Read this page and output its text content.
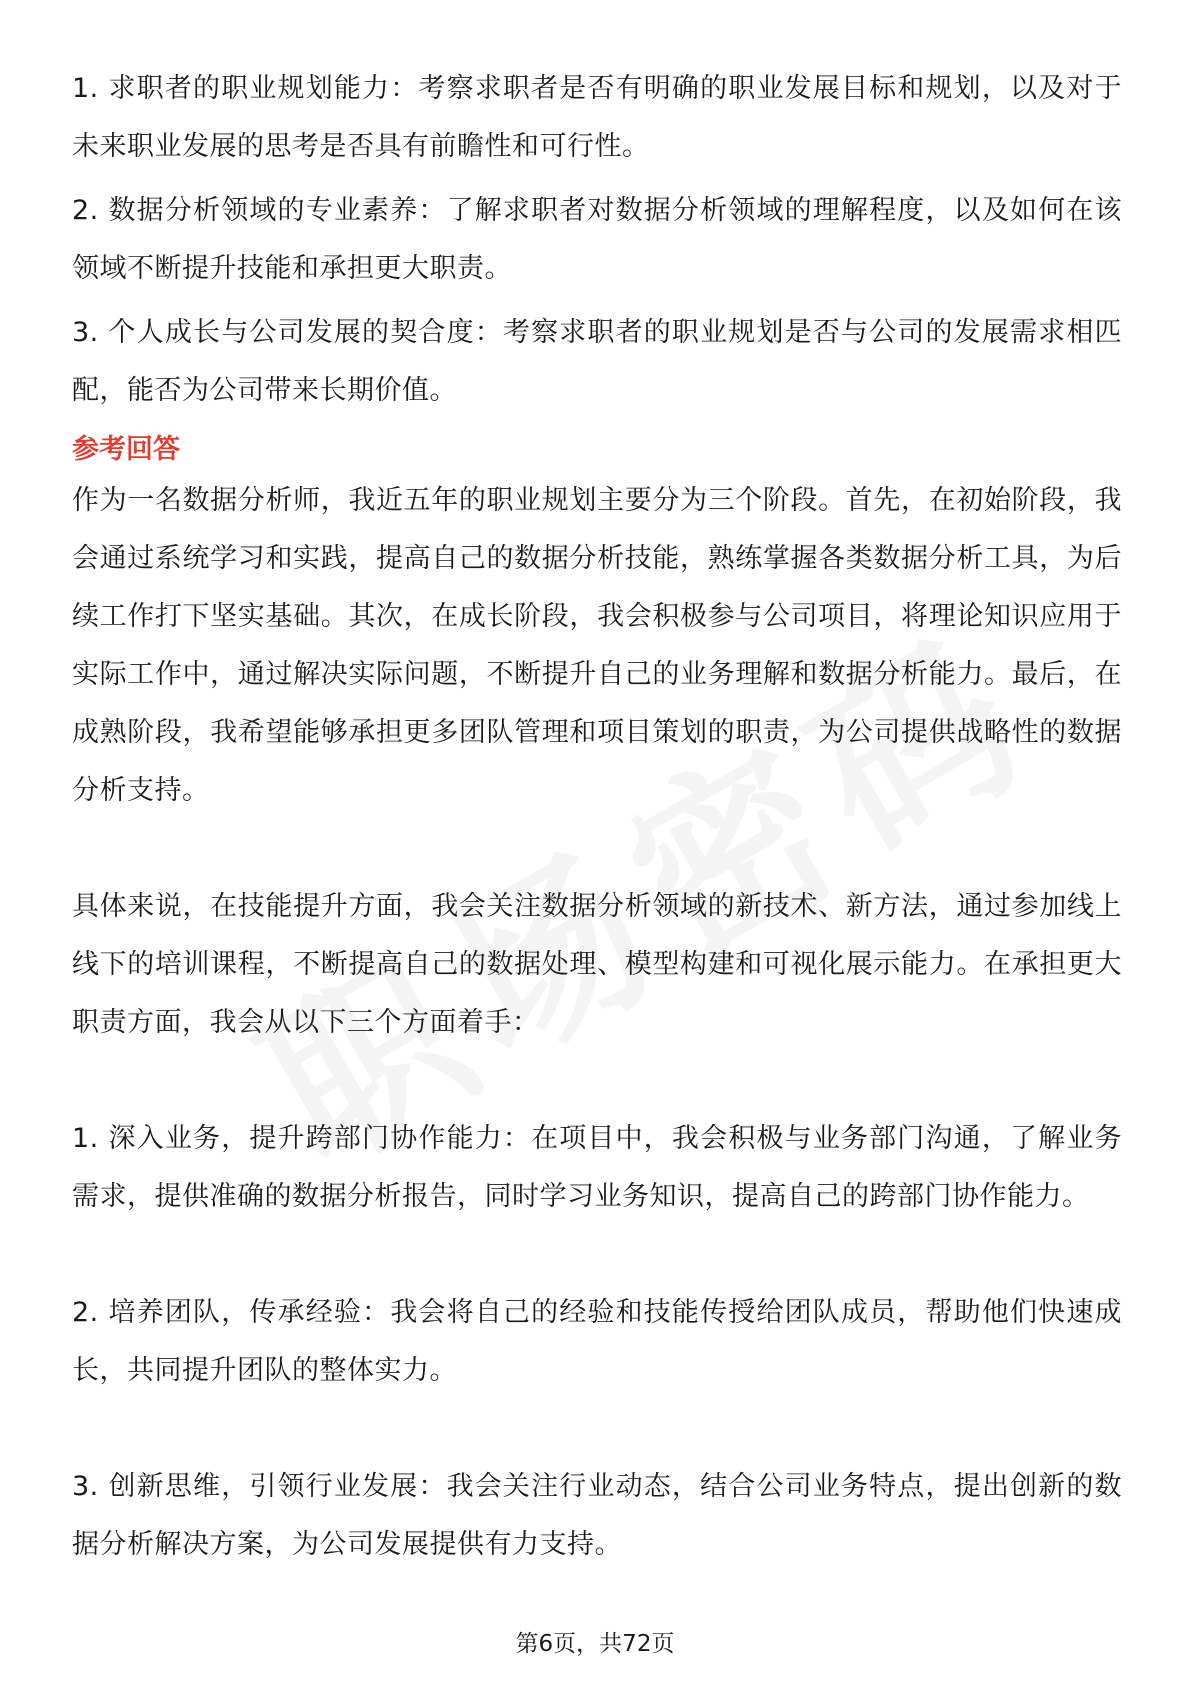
1. 求职者的职业规划能力：考察求职者是否有明确的职业发展目标和规划，以及对于未来职业发展的思考是否具有前瞻性和可行性。

2. 数据分析领域的专业素养：了解求职者对数据分析领域的理解程度，以及如何在该领域不断提升技能和承担更大职责。

3. 个人成长与公司发展的契合度：考察求职者的职业规划是否与公司的发展需求相匹配，能否为公司带来长期价值。

参考回答

作为一名数据分析师，我近五年的职业规划主要分为三个阶段。首先，在初始阶段，我会通过系统学习和实践，提高自己的数据分析技能，熟练掌握各类数据分析工具，为后续工作打下坚实基础。其次，在成长阶段，我会积极参与公司项目，将理论知识应用于实际工作中，通过解决实际问题，不断提升自己的业务理解和数据分析能力。最后，在成熟阶段，我希望能够承担更多团队管理和项目策划的职责，为公司提供战略性的数据分析支持。

具体来说，在技能提升方面，我会关注数据分析领域的新技术、新方法，通过参加线上线下的培训课程，不断提高自己的数据处理、模型构建和可视化展示能力。在承担更大职责方面，我会从以下三个方面着手：

1. 深入业务，提升跨部门协作能力：在项目中，我会积极与业务部门沟通，了解业务需求，提供准确的数据分析报告，同时学习业务知识，提高自己的跨部门协作能力。

2. 培养团队，传承经验：我会将自己的经验和技能传授给团队成员，帮助他们快速成长，共同提升团队的整体实力。

3. 创新思维，引领行业发展：我会关注行业动态，结合公司业务特点，提出创新的数据分析解决方案，为公司发展提供有力支持。

第6页，共72页
